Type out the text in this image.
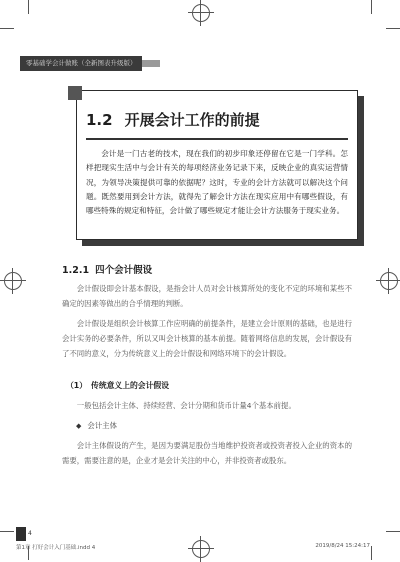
零基础学会计做账（全新图表升级版）
1.2 开展会计工作的前提

会计是一门古老的技术，现在我们的初步印象还停留在它是一门学科。怎样把现实生活中与会计有关的每项经济业务记录下来，反映企业的真实运营情况，为领导决策提供可靠的依据呢？这时，专业的会计方法就可以解决这个问题。既然要用到会计方法，就得先了解会计方法在现实应用中有哪些假设，有哪些特殊的规定和特征，会计做了哪些规定才能让会计方法服务于现实业务。

1.2.1 四个会计假设

会计假设即会计基本假设，是指会计人员对会计核算所处的变化不定的环境和某些不确定的因素等做出的合乎情理的判断。

会计假设是组织会计核算工作应明确的前提条件，是建立会计原则的基础，也是进行会计实务的必要条件，所以又叫会计核算的基本前提。随着网络信息的发展，会计假设有了不同的意义，分为传统意义上的会计假设和网络环境下的会计假设。

（1） 传统意义上的会计假设

一般包括会计主体、持续经营、会计分期和货币计量4个基本前提。

◆ 会计主体

会计主体假设的产生，是因为要满足股份当地维护投资者或投资者投入企业的资本的需要，需要注意的是，企业才是会计关注的中心，并非投资者或股东。

4
第1章 打好会计入门基础.indd 4	2019/8/24 15:24:17
